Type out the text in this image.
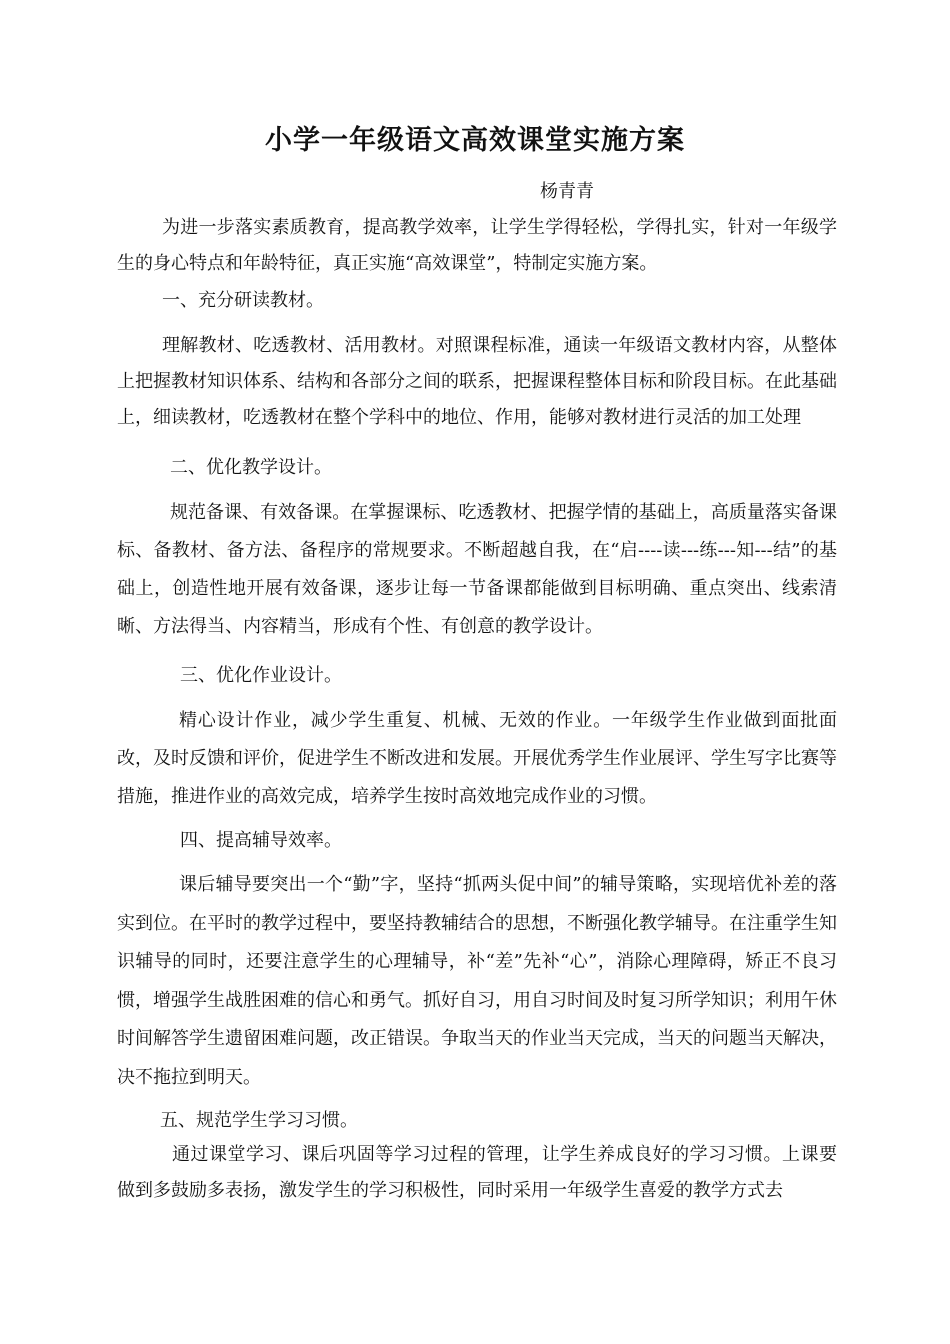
小学一年级语文高效课堂实施方案
杨青青

为进一步落实素质教育，提高教学效率，让学生学得轻松，学得扎实，针对一年级学生的身心特点和年龄特征，真正实施“高效课堂”，特制定实施方案。

一、充分研读教材。

理解教材、吃透教材、活用教材。对照课程标准，通读一年级语文教材内容，从整体上把握教材知识体系、结构和各部分之间的联系，把握课程整体目标和阶段目标。在此基础上，细读教材，吃透教材在整个学科中的地位、作用，能够对教材进行灵活的加工处理

二、优化教学设计。

规范备课、有效备课。在掌握课标、吃透教材、把握学情的基础上，高质量落实备课标、备教材、备方法、备程序的常规要求。不断超越自我，在“启----读---练---知---结”的基础上，创造性地开展有效备课，逐步让每一节备课都能做到目标明确、重点突出、线索清晰、方法得当、内容精当，形成有个性、有创意的教学设计。

三、优化作业设计。

精心设计作业，减少学生重复、机械、无效的作业。一年级学生作业做到面批面改，及时反馈和评价，促进学生不断改进和发展。开展优秀学生作业展评、学生写字比赛等措施，推进作业的高效完成，培养学生按时高效地完成作业的习惯。

四、提高辅导效率。

课后辅导要突出一个“勤”字，坚持“抓两头促中间”的辅导策略，实现培优补差的落实到位。在平时的教学过程中，要坚持教辅结合的思想，不断强化教学辅导。在注重学生知识辅导的同时，还要注意学生的心理辅导，补“差”先补“心”，消除心理障碍，矫正不良习惯，增强学生战胜困难的信心和勇气。抓好自习，用自习时间及时复习所学知识；利用午休时间解答学生遗留困难问题，改正错误。争取当天的作业当天完成，当天的问题当天解决，决不拖拉到明天。

五、规范学生学习习惯。

通过课堂学习、课后巩固等学习过程的管理，让学生养成良好的学习习惯。上课要做到多鼓励多表扬，激发学生的学习积极性，同时采用一年级学生喜爱的教学方式去
